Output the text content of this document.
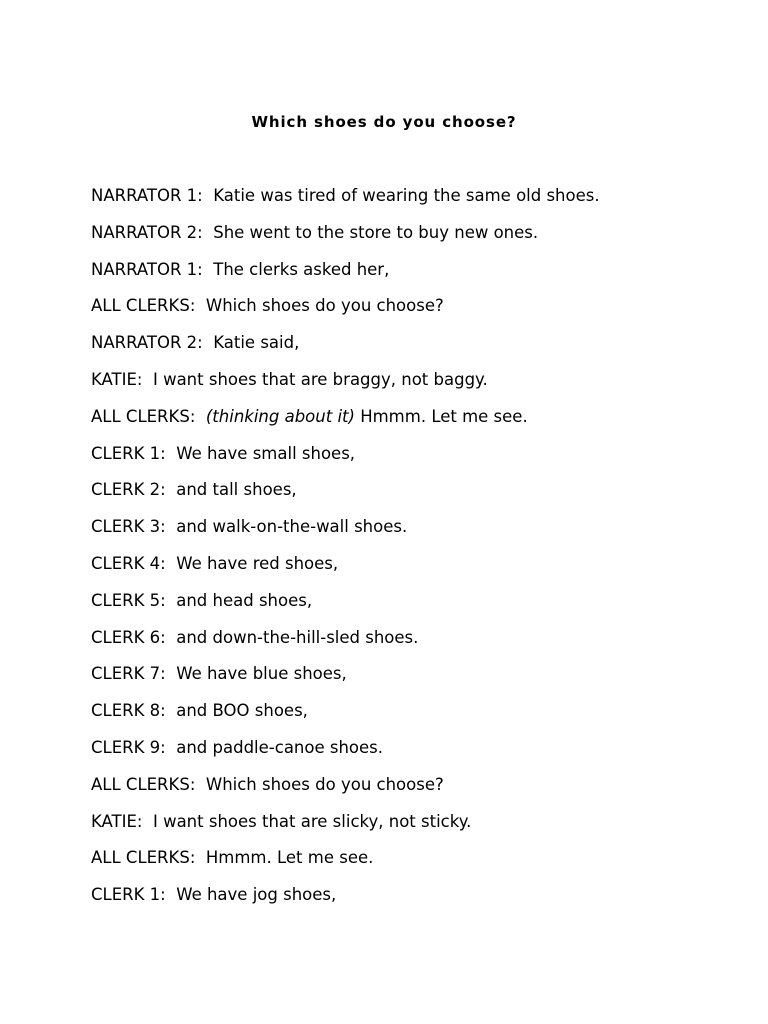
Which shoes do you choose?
NARRATOR 1: Katie was tired of wearing the same old shoes.
NARRATOR 2: She went to the store to buy new ones.
NARRATOR 1: The clerks asked her,
ALL CLERKS: Which shoes do you choose?
NARRATOR 2: Katie said,
KATIE: I want shoes that are braggy, not baggy.
ALL CLERKS: (thinking about it) Hmmm. Let me see.
CLERK 1: We have small shoes,
CLERK 2: and tall shoes,
CLERK 3: and walk-on-the-wall shoes.
CLERK 4: We have red shoes,
CLERK 5: and head shoes,
CLERK 6: and down-the-hill-sled shoes.
CLERK 7: We have blue shoes,
CLERK 8: and BOO shoes,
CLERK 9: and paddle-canoe shoes.
ALL CLERKS: Which shoes do you choose?
KATIE: I want shoes that are slicky, not sticky.
ALL CLERKS: Hmmm. Let me see.
CLERK 1: We have jog shoes,
